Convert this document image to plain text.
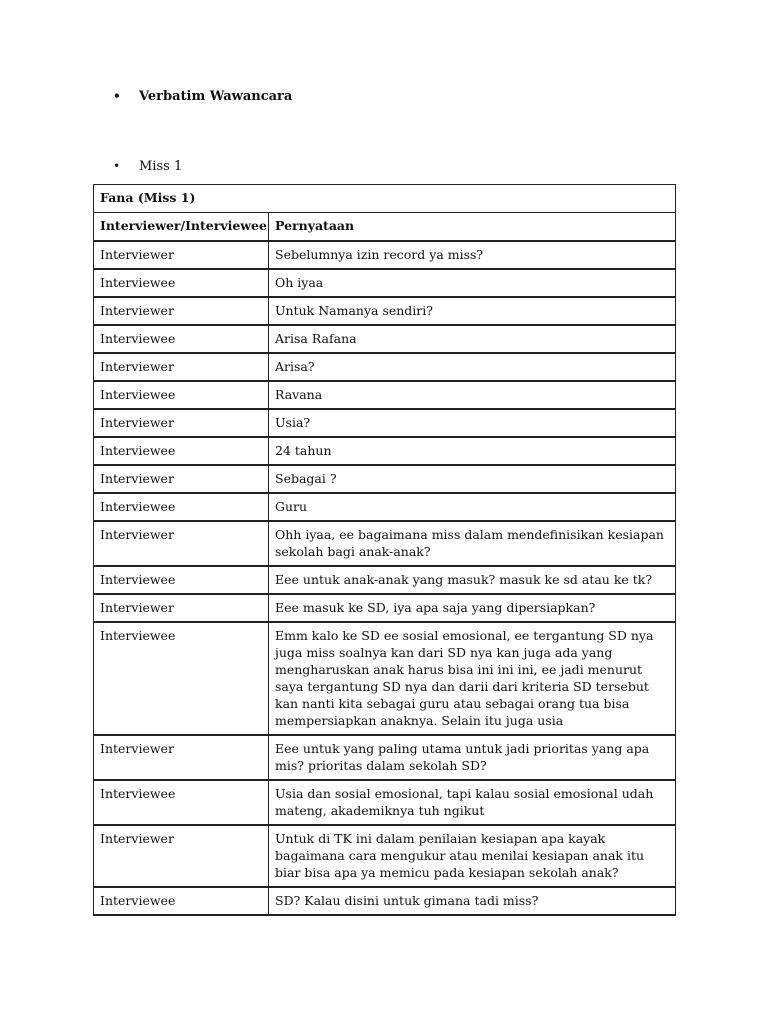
• Verbatim Wawancara
• Miss 1
Fana (Miss 1)	
Interviewer/Interviewee	Pernyataan
Interviewer	Sebelumnya izin record ya miss?
Interviewee	Oh iyaa
Interviewer	Untuk Namanya sendiri?
Interviewee	Arisa Rafana
Interviewer	Arisa?
Interviewee	Ravana
Interviewer	Usia?
Interviewee	24 tahun
Interviewer	Sebagai ?
Interviewee	Guru
Interviewer	Ohh iyaa, ee bagaimana miss dalam mendefinisikan kesiapan sekolah bagi anak-anak?
Interviewee	Eee untuk anak-anak yang masuk? masuk ke sd atau ke tk?
Interviewer	Eee masuk ke SD, iya apa saja yang dipersiapkan?
Interviewee	Emm kalo ke SD ee sosial emosional, ee tergantung SD nya juga miss soalnya kan dari SD nya kan juga ada yang mengharuskan anak harus bisa ini ini ini, ee jadi menurut saya tergantung SD nya dan darii dari kriteria SD tersebut kan nanti kita sebagai guru atau sebagai orang tua bisa mempersiapkan anaknya. Selain itu juga usia
Interviewer	Eee untuk yang paling utama untuk jadi prioritas yang apa mis? prioritas dalam sekolah SD?
Interviewee	Usia dan sosial emosional, tapi kalau sosial emosional udah mateng, akademiknya tuh ngikut
Interviewer	Untuk di TK ini dalam penilaian kesiapan apa kayak bagaimana cara mengukur atau menilai kesiapan anak itu biar bisa apa ya memicu pada kesiapan sekolah anak?
Interviewee	SD? Kalau disini untuk gimana tadi miss?
